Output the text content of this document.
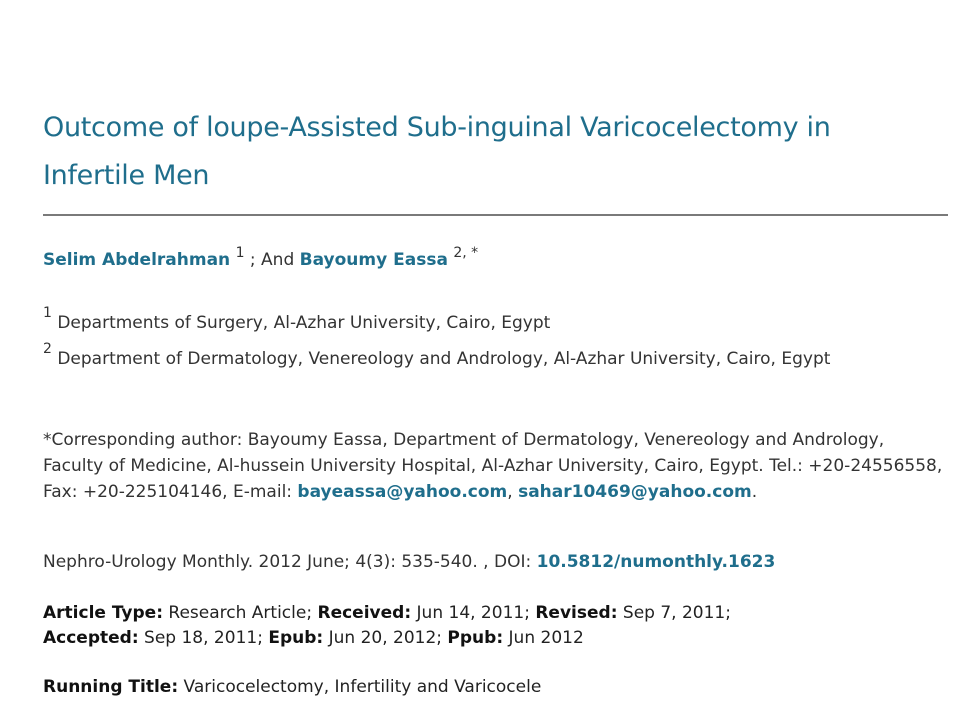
Outcome of loupe-Assisted Sub-inguinal Varicocelectomy in Infertile Men
Selim Abdelrahman $^1$ ; And Bayoumy Eassa $^{2, *}$
$^1$ Departments of Surgery, Al-Azhar University, Cairo, Egypt
$^2$ Department of Dermatology, Venereology and Andrology, Al-Azhar University, Cairo, Egypt
*Corresponding author: Bayoumy Eassa, Department of Dermatology, Venereology and Andrology, Faculty of Medicine, Al-hussein University Hospital, Al-Azhar University, Cairo, Egypt. Tel.: +20-24556558, Fax: +20-225104146, E-mail: bayeassa@yahoo.com, sahar10469@yahoo.com.
Nephro-Urology Monthly. 2012 June; 4(3): 535-540. , DOI: 10.5812/numonthly.1623
Article Type: Research Article; Received: Jun 14, 2011; Revised: Sep 7, 2011;
Accepted: Sep 18, 2011; Epub: Jun 20, 2012; Ppub: Jun 2012
Running Title: Varicocelectomy, Infertility and Varicocele
